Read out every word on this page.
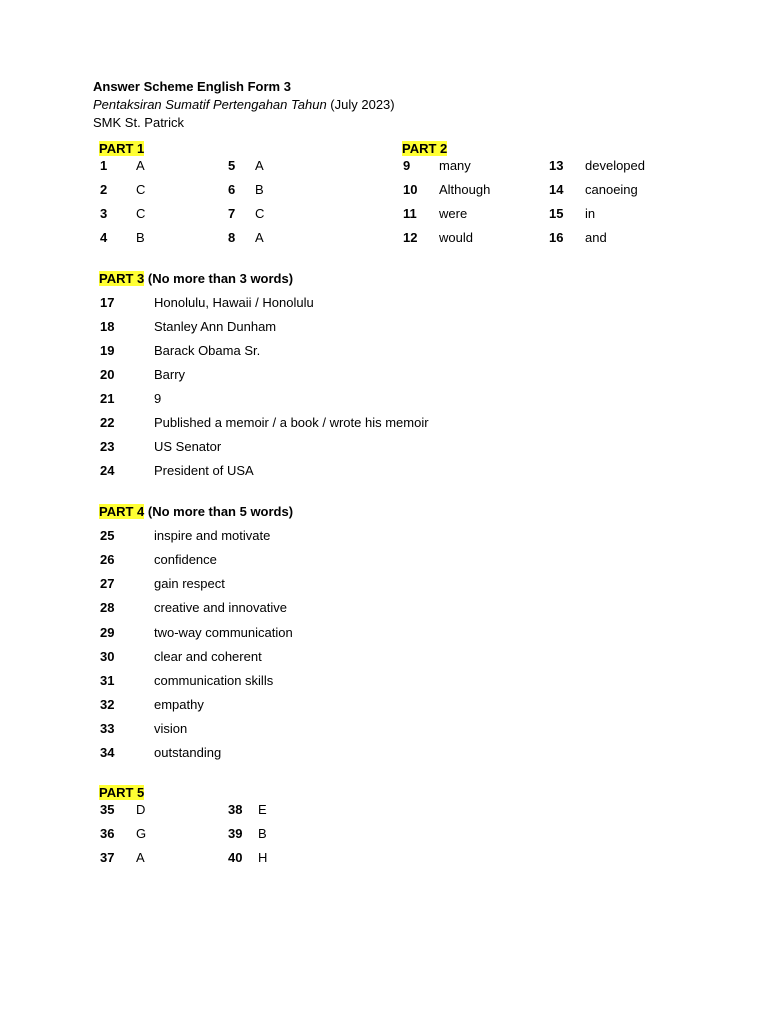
Answer Scheme English Form 3
Pentaksiran Sumatif Pertengahan Tahun (July 2023)
SMK St. Patrick
PART 1
1 A
2 C
3 C
4 B
5 A
6 B
7 C
8 A
PART 2
9 many
10 Although
11 were
12 would
13 developed
14 canoeing
15 in
16 and
PART 3 (No more than 3 words)
17	Honolulu, Hawaii / Honolulu
18	Stanley Ann Dunham
19	Barack Obama Sr.
20	Barry
21	9
22	Published a memoir / a book / wrote his memoir
23	US Senator
24	President of USA
PART 4 (No more than 5 words)
25	inspire and motivate
26	confidence
27	gain respect
28	creative and innovative
29	two-way communication
30	clear and coherent
31	communication skills
32	empathy
33	vision
34	outstanding
PART 5
35 D
36 G
37 A
38 E
39 B
40 H
